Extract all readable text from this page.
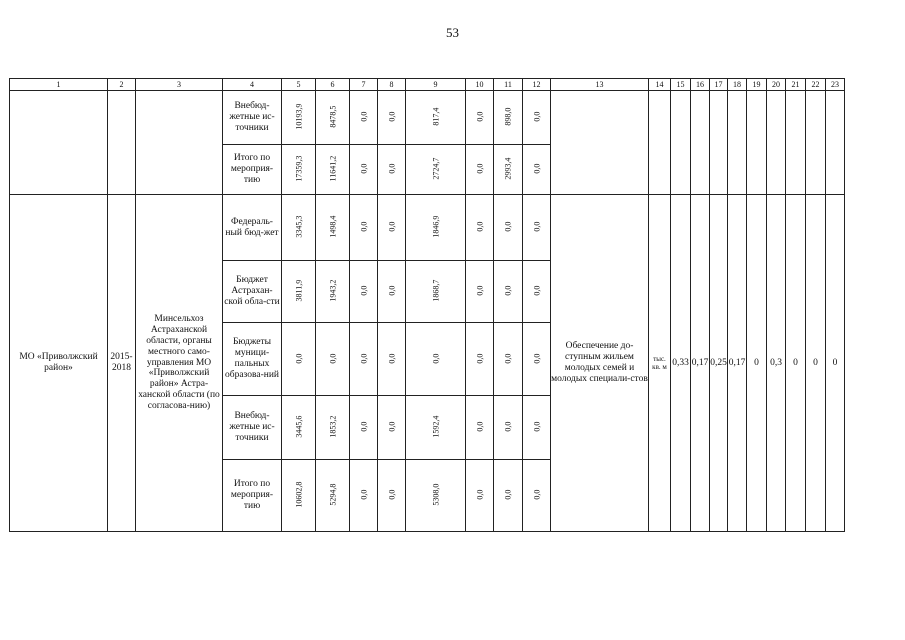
53
1	2	3	4	5	6	7	8	9	10	11	12	13	14	15	16	17	18	19	20	21	22	23
			Внебюд-жетные ис-точники	10193,9	8478,5	0,0	0,0	817,4	0,0	898,0	0,0											
			Итого по мероприя-тию	17359,3	11641,2	0,0	0,0	2724,7	0,0	2993,4	0,0											
МО «Приволжский район»	2015-2018	Минсельхоз Астраханской области, органы местного само-управления МО «Приволжский район» Астра-ханской области (по согласова-нию)	Федераль-ный бюд-жет	3345,3	1498,4	0,0	0,0	1846,9	0,0	0,0	0,0	Обеспечение до-ступным жильем молодых семей и молодых специали-стов	тыс. кв. м	0,33	0,17	0,25	0,17	0	0,3	0	0	0
			Бюджет Астрахан-ской обла-сти	3811,9	1943,2	0,0	0,0	1868,7	0,0	0,0	0,0											
			Бюджеты муници-пальных образова-ний	0,0	0,0	0,0	0,0	0,0	0,0	0,0	0,0											
			Внебюд-жетные ис-точники	3445,6	1853,2	0,0	0,0	1592,4	0,0	0,0	0,0											
			Итого по мероприя-тию	10602,8	5294,8	0,0	0,0	5308,0	0,0	0,0	0,0											
